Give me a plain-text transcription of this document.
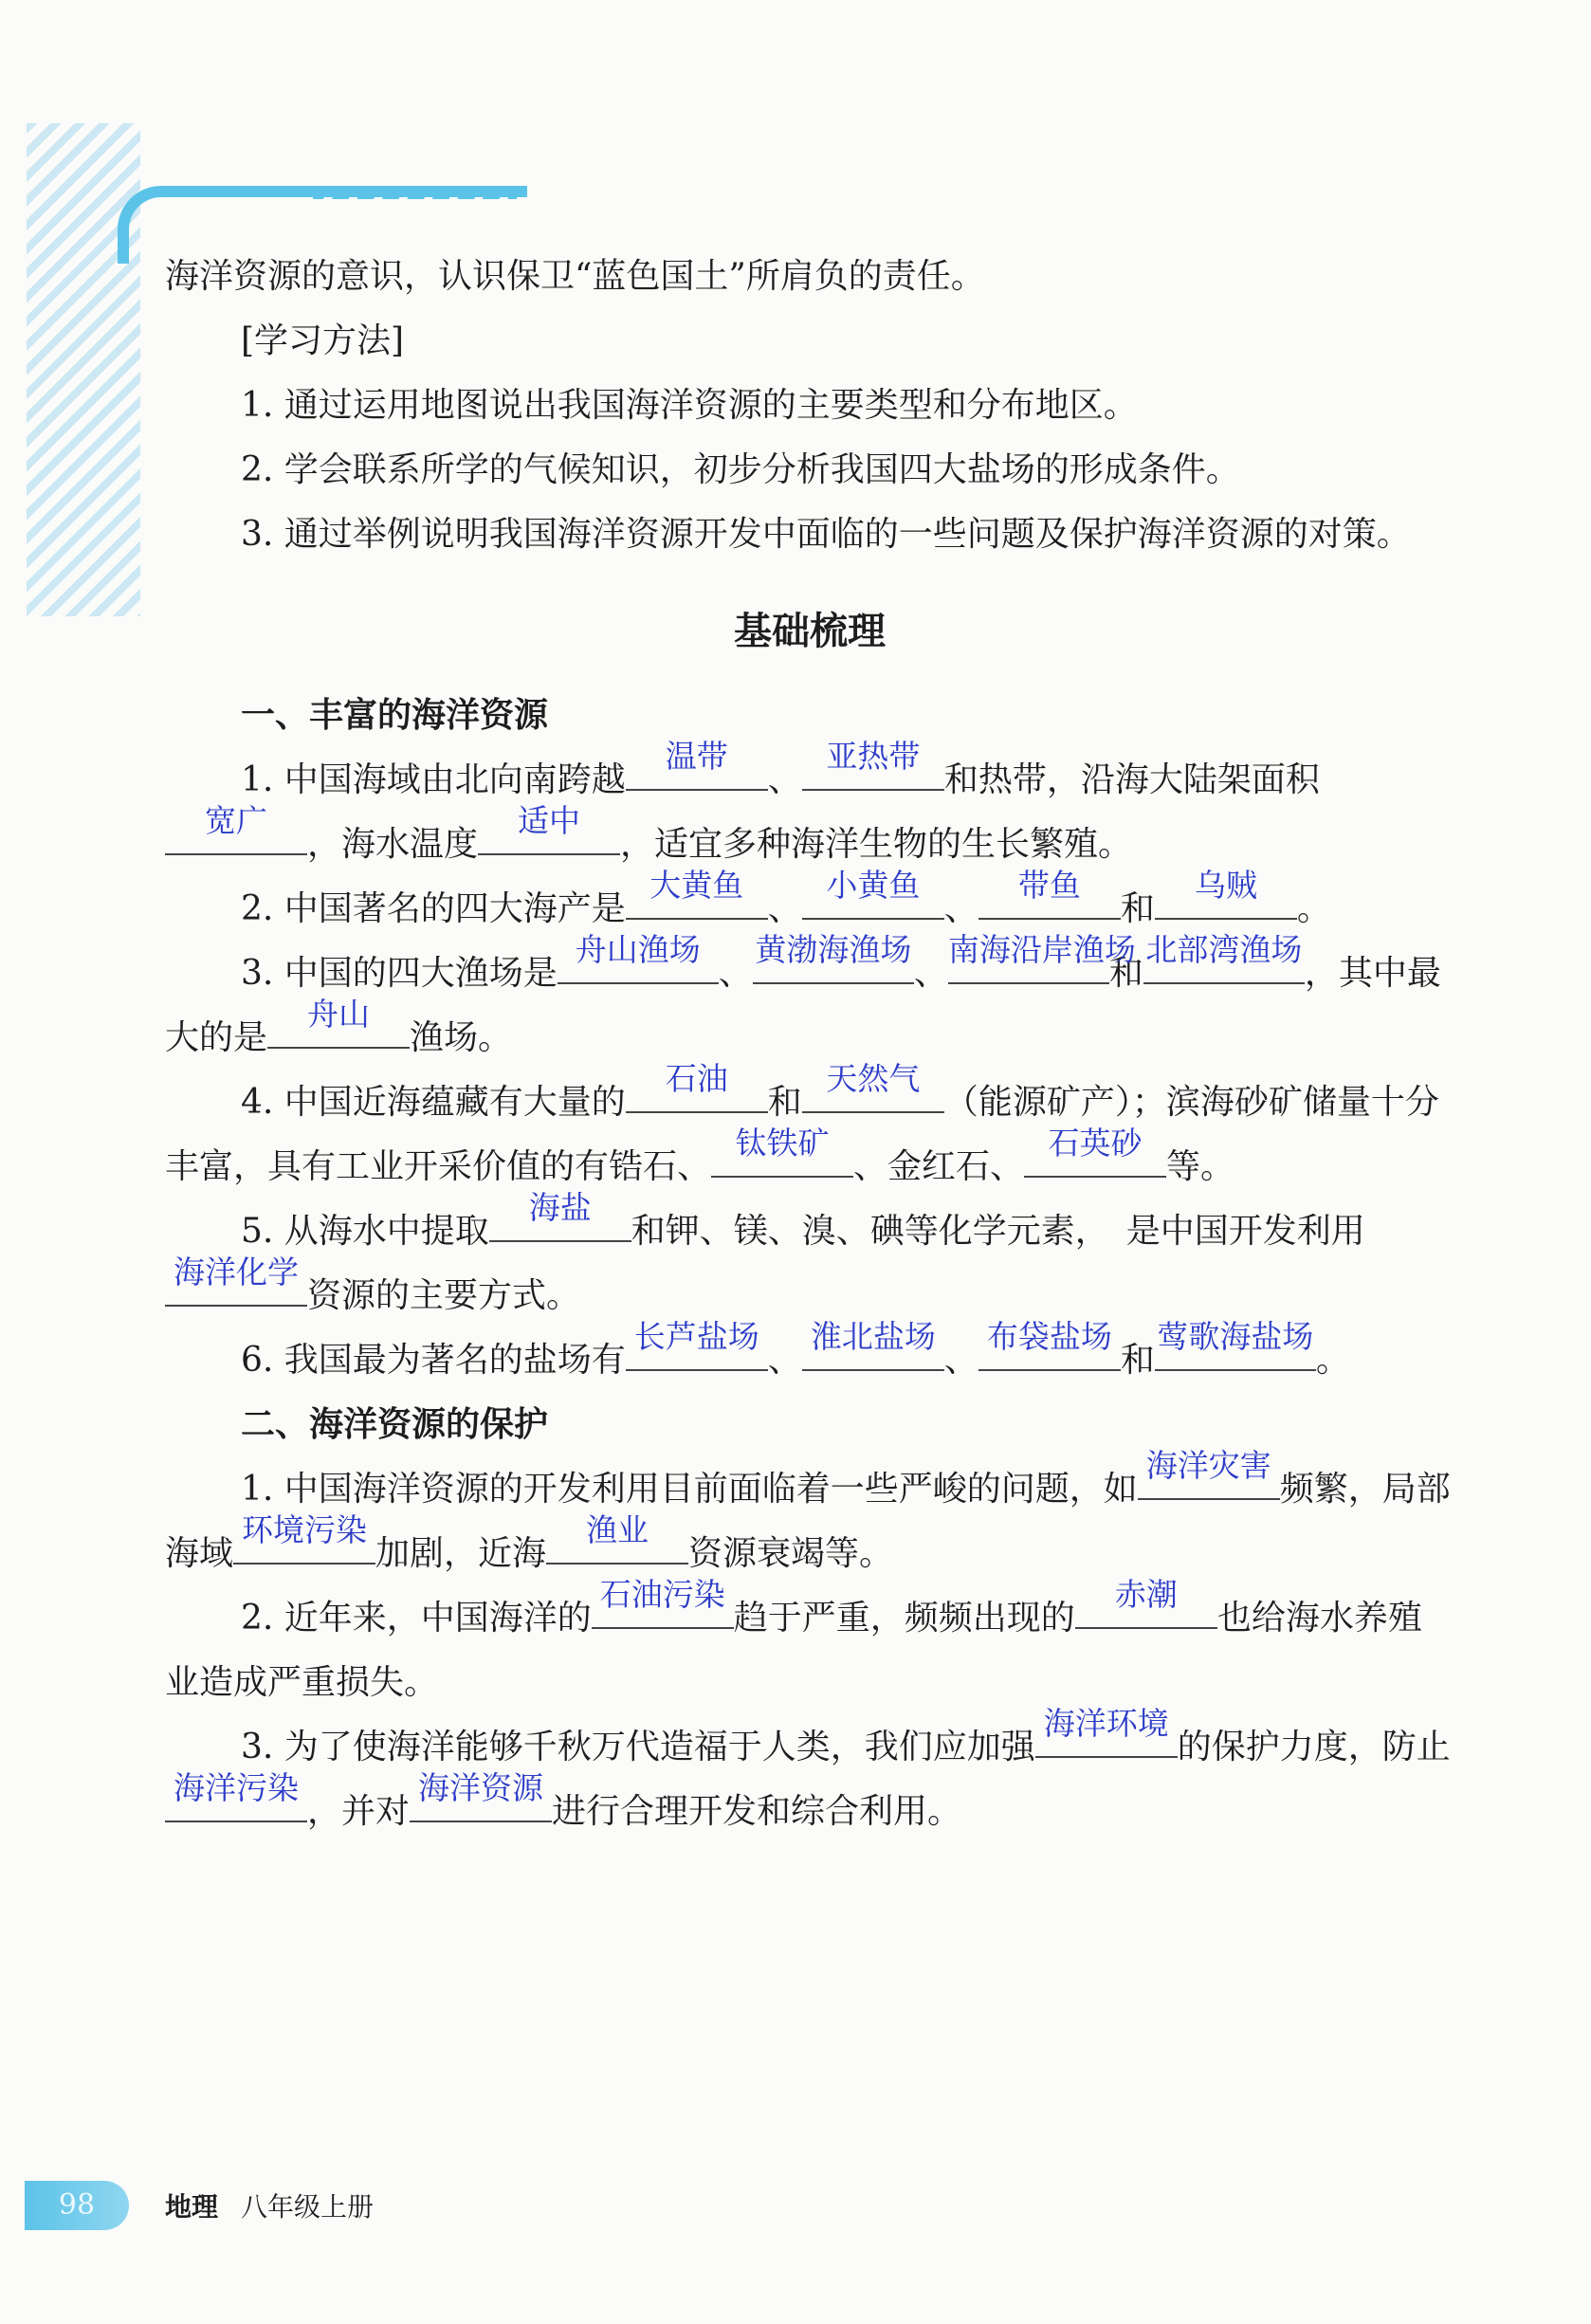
海洋资源的意识，认识保卫“蓝色国土”所肩负的责任。

[学习方法]

1. 通过运用地图说出我国海洋资源的主要类型和分布地区。

2. 学会联系所学的气候知识，初步分析我国四大盐场的形成条件。

3. 通过举例说明我国海洋资源开发中面临的一些问题及保护海洋资源的对策。

基础梳理

一、丰富的海洋资源

1. 中国海域由北向南跨越
温带
、
亚热带
和热带，沿海大陆架面积
宽广
，海水温度
适中
，适宜多种海洋生物的生长繁殖。

2. 中国著名的四大海产是
大黄鱼
、
小黄鱼
、
带鱼
和
乌贼
。

3. 中国的四大渔场是
舟山渔场
、
黄渤海渔场
、
南海沿岸渔场
和
北部湾渔场
，其中最大的是
舟山
渔场。

4. 中国近海蕴藏有大量的
石油
和
天然气
（能源矿产）；滨海砂矿储量十分丰富，具有工业开采价值的有锆石、
钛铁矿
、金红石、
石英砂
等。

5. 从海水中提取
海盐
和钾、镁、溴、碘等化学元素，　是中国开发利用
海洋化学
资源的主要方式。

6. 我国最为著名的盐场有
长芦盐场
、
淮北盐场
、
布袋盐场
和
莺歌海盐场
。

二、海洋资源的保护

1. 中国海洋资源的开发利用目前面临着一些严峻的问题，如
海洋灾害
频繁，局部海域
环境污染
加剧，近海
渔业
资源衰竭等。

2. 近年来，中国海洋的
石油污染
趋于严重，频频出现的
赤潮
也给海水养殖业造成严重损失。

3. 为了使海洋能够千秋万代造福于人类，我们应加强
海洋环境
的保护力度，防止
海洋污染
，并对
海洋资源
进行合理开发和综合利用。

98	地理 八年级上册
